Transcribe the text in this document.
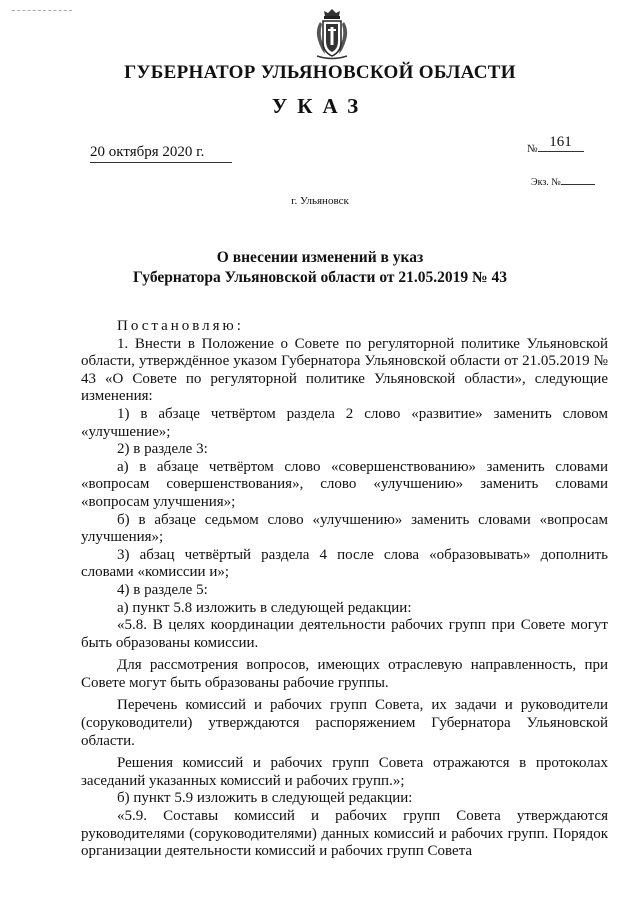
ГУБЕРНАТОР УЛЬЯНОВСКОЙ ОБЛАСТИ
УКАЗ
20 октября 2020 г.	№ 161
Экз. №
г. Ульяновск
О внесении изменений в указ
Губернатора Ульяновской области от 21.05.2019 № 43

Постановляю:

1. Внести в Положение о Совете по регуляторной политике Ульяновской области, утверждённое указом Губернатора Ульяновской области от 21.05.2019 № 43 «О Совете по регуляторной политике Ульяновской области», следующие изменения:

1) в абзаце четвёртом раздела 2 слово «развитие» заменить словом «улучшение»;

2) в разделе 3:

а) в абзаце четвёртом слово «совершенствованию» заменить словами «вопросам совершенствования», слово «улучшению» заменить словами «вопросам улучшения»;

б) в абзаце седьмом слово «улучшению» заменить словами «вопросам улучшения»;

3) абзац четвёртый раздела 4 после слова «образовывать» дополнить словами «комиссии и»;

4) в разделе 5:

а) пункт 5.8 изложить в следующей редакции:

«5.8. В целях координации деятельности рабочих групп при Совете могут быть образованы комиссии.

Для рассмотрения вопросов, имеющих отраслевую направленность, при Совете могут быть образованы рабочие группы.

Перечень комиссий и рабочих групп Совета, их задачи и руководители (соруководители) утверждаются распоряжением Губернатора Ульяновской области.

Решения комиссий и рабочих групп Совета отражаются в протоколах заседаний указанных комиссий и рабочих групп.»;

б) пункт 5.9 изложить в следующей редакции:

«5.9. Составы комиссий и рабочих групп Совета утверждаются руководителями (соруководителями) данных комиссий и рабочих групп. Порядок организации деятельности комиссий и рабочих групп Совета
